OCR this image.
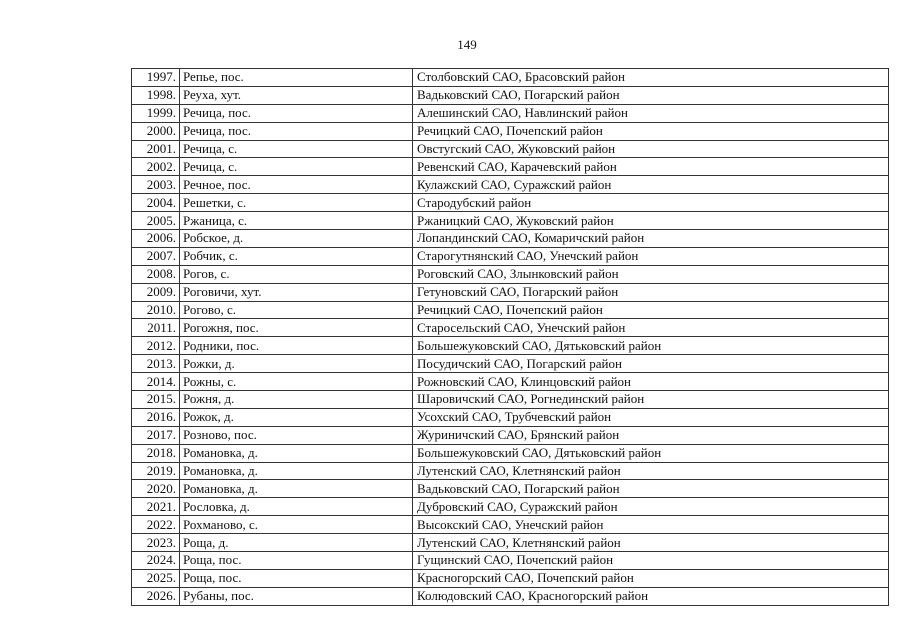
149
1997.	Репье, пос.	Столбовский САО, Брасовский район
1998.	Реуха, хут.	Вадьковский САО, Погарский район
1999.	Речица, пос.	Алешинский САО, Навлинский район
2000.	Речица, пос.	Речицкий САО, Почепский район
2001.	Речица, с.	Овстугский САО, Жуковский район
2002.	Речица, с.	Ревенский САО, Карачевский район
2003.	Речное, пос.	Кулажский САО, Суражский район
2004.	Решетки, с.	Стародубский район
2005.	Ржаница, с.	Ржаницкий САО, Жуковский район
2006.	Робское, д.	Лопандинский САО, Комаричский район
2007.	Робчик, с.	Старогутнянский САО, Унечский район
2008.	Рогов, с.	Роговский САО, Злынковский район
2009.	Роговичи, хут.	Гетуновский САО, Погарский район
2010.	Рогово, с.	Речицкий САО, Почепский район
2011.	Рогожня, пос.	Старосельский САО, Унечский район
2012.	Родники, пос.	Большежуковский САО, Дятьковский район
2013.	Рожки, д.	Посудичский САО, Погарский район
2014.	Рожны, с.	Рожновский САО, Клинцовский район
2015.	Рожня, д.	Шаровичский САО, Рогнединский район
2016.	Рожок, д.	Усохский САО, Трубчевский район
2017.	Розново, пос.	Журиничский САО, Брянский район
2018.	Романовка, д.	Большежуковский САО, Дятьковский район
2019.	Романовка, д.	Лутенский САО, Клетнянский район
2020.	Романовка, д.	Вадьковский САО, Погарский район
2021.	Рословка, д.	Дубровский САО, Суражский район
2022.	Рохманово, с.	Высокский САО, Унечский район
2023.	Роща, д.	Лутенский САО, Клетнянский район
2024.	Роща, пос.	Гущинский САО, Почепский район
2025.	Роща, пос.	Красногорский САО, Почепский район
2026.	Рубаны, пос.	Колюдовский САО, Красногорский район
